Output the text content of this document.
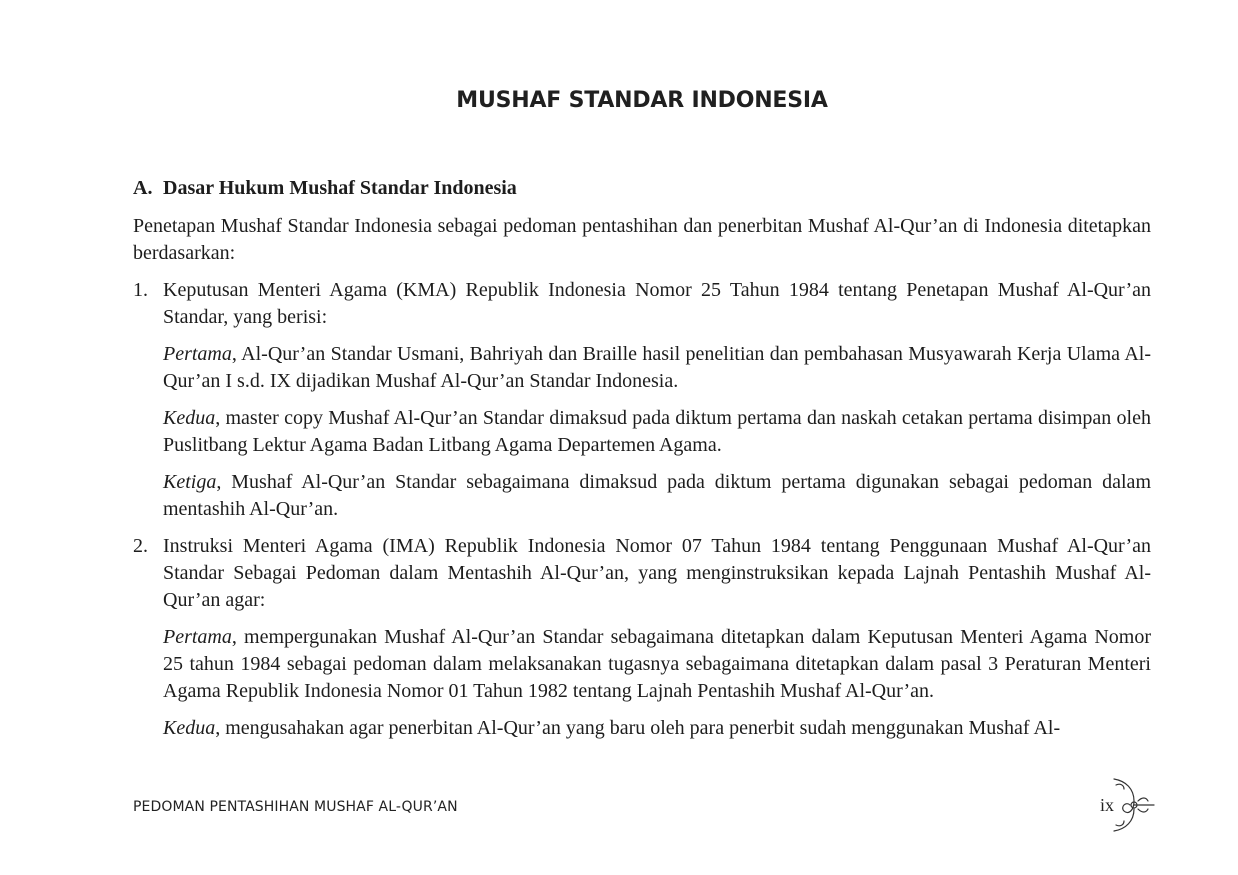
MUSHAF STANDAR INDONESIA
A. Dasar Hukum Mushaf Standar Indonesia

Penetapan Mushaf Standar Indonesia sebagai pedoman pentashihan dan penerbitan Mushaf Al-Qur’an di Indonesia ditetapkan berdasarkan:

1. Keputusan Menteri Agama (KMA) Republik Indonesia Nomor 25 Tahun 1984 tentang Penetapan Mushaf Al-Qur’an Standar, yang berisi:

Pertama, Al-Qur’an Standar Usmani, Bahriyah dan Braille hasil penelitian dan pembahasan Musyawarah Kerja Ulama Al-Qur’an I s.d. IX dijadikan Mushaf Al-Qur’an Standar Indonesia.

Kedua, master copy Mushaf Al-Qur’an Standar dimaksud pada diktum pertama dan naskah cetakan pertama disimpan oleh Puslitbang Lektur Agama Badan Litbang Agama Departemen Agama.

Ketiga, Mushaf Al-Qur’an Standar sebagaimana dimaksud pada diktum pertama digunakan sebagai pedoman dalam mentashih Al-Qur’an.

2. Instruksi Menteri Agama (IMA) Republik Indonesia Nomor 07 Tahun 1984 tentang Penggunaan Mushaf Al-Qur’an Standar Sebagai Pedoman dalam Mentashih Al-Qur’an, yang menginstruksikan kepada Lajnah Pentashih Mushaf Al-Qur’an agar:

Pertama, mempergunakan Mushaf Al-Qur’an Standar sebagaimana ditetapkan dalam Keputusan Menteri Agama Nomor 25 tahun 1984 sebagai pedoman dalam melaksanakan tugasnya sebagaimana ditetapkan dalam pasal 3 Peraturan Menteri Agama Republik Indonesia Nomor 01 Tahun 1982 tentang Lajnah Pentashih Mushaf Al-Qur’an.

Kedua, mengusahakan agar penerbitan Al-Qur’an yang baru oleh para penerbit sudah menggunakan Mushaf Al-

PEDOMAN PENTASHIHAN MUSHAF AL-QUR’AN	ix
